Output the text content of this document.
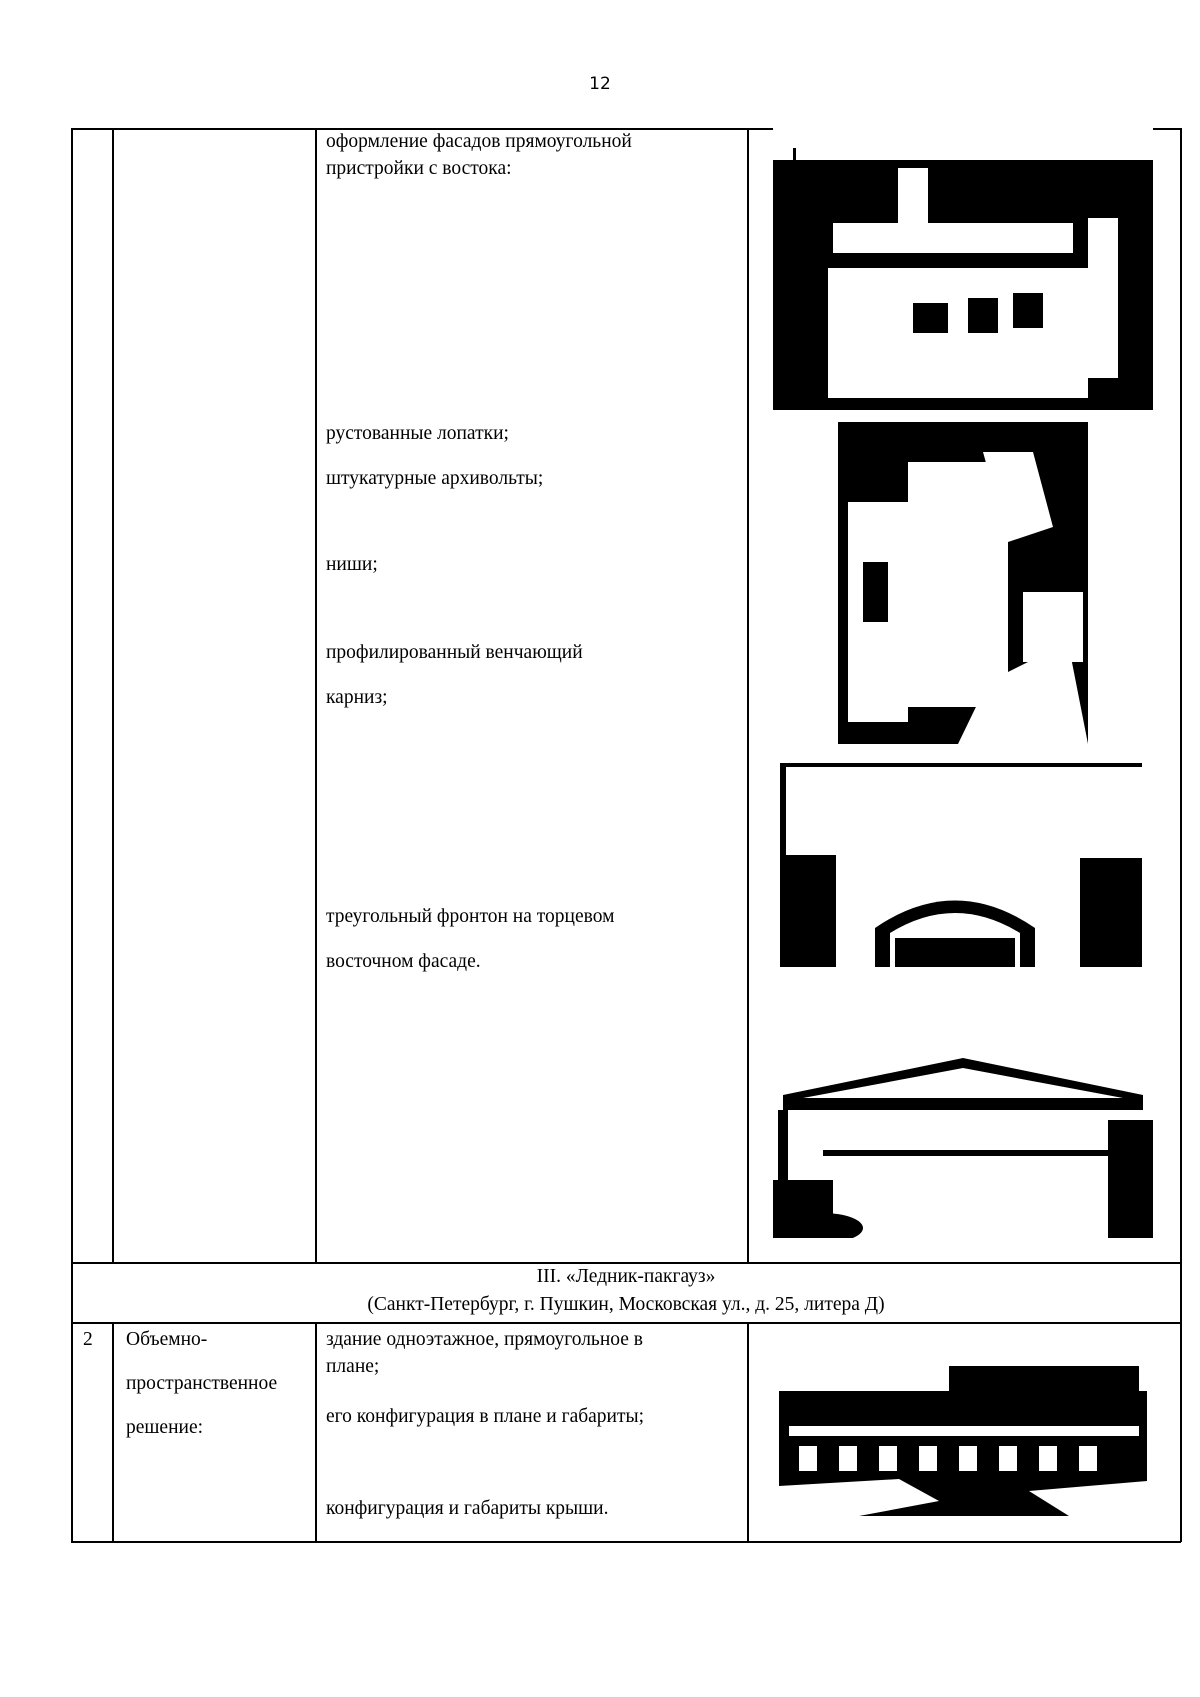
12
оформление фасадов прямоугольной
пристройки с востока:
рустованные лопатки;
штукатурные архивольты;
ниши;
профилированный венчающий
карниз;
треугольный фронтон на торцевом
восточном фасаде.
III. «Ледник-пакгауз»
(Санкт-Петербург, г. Пушкин, Московская ул., д. 25, литера Д)
2 Объемно-
пространственное
решение:
здание одноэтажное, прямоугольное в
плане;
его конфигурация в плане и габариты;
конфигурация и габариты крыши.
